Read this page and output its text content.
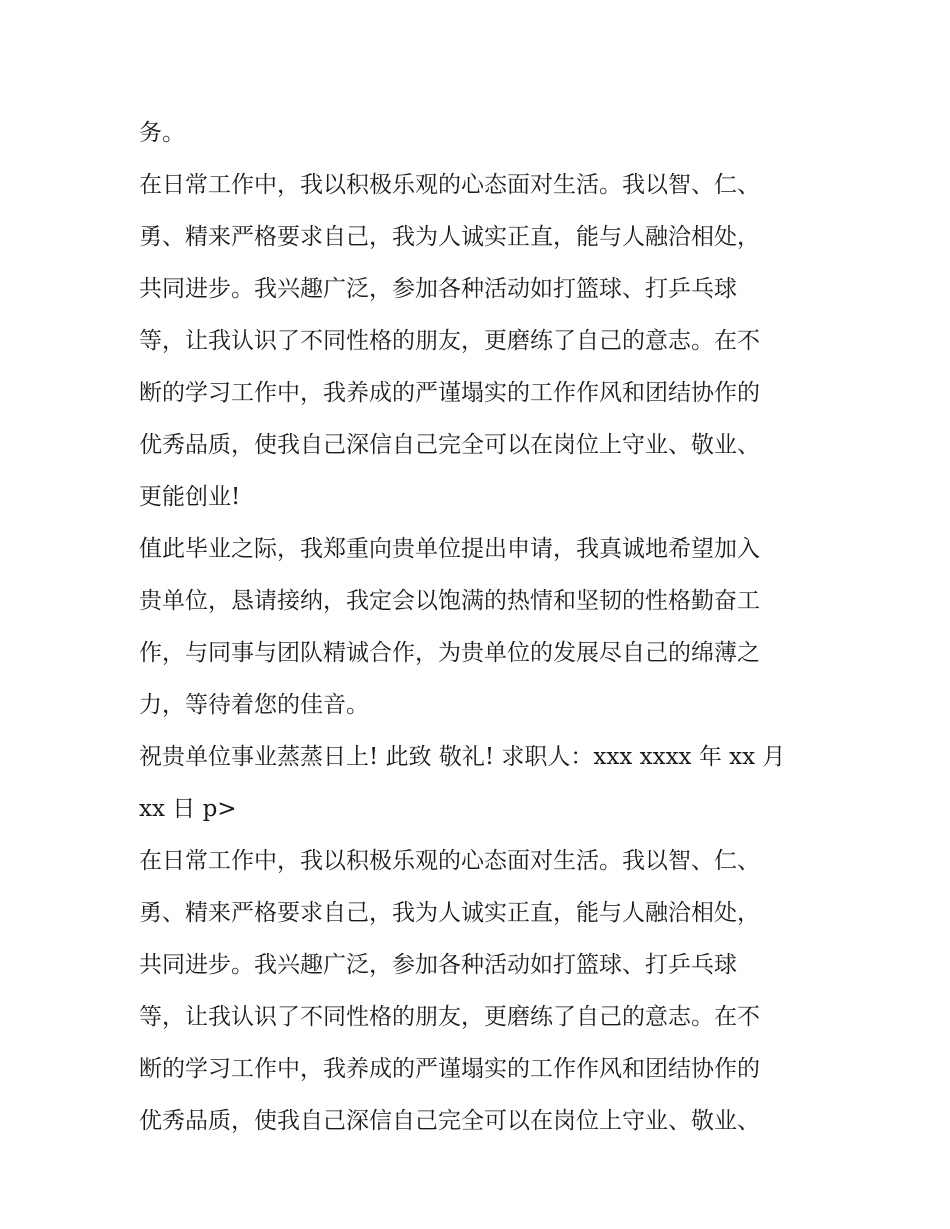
务。
在日常工作中，我以积极乐观的心态面对生活。我以智、仁、
勇、精来严格要求自己，我为人诚实正直，能与人融洽相处，
共同进步。我兴趣广泛，参加各种活动如打篮球、打乒乓球
等，让我认识了不同性格的朋友，更磨练了自己的意志。在不
断的学习工作中，我养成的严谨塌实的工作作风和团结协作的
优秀品质，使我自己深信自己完全可以在岗位上守业、敬业、
更能创业!
值此毕业之际，我郑重向贵单位提出申请，我真诚地希望加入
贵单位，恳请接纳，我定会以饱满的热情和坚韧的性格勤奋工
作，与同事与团队精诚合作，为贵单位的发展尽自己的绵薄之
力，等待着您的佳音。
祝贵单位事业蒸蒸日上! 此致 敬礼! 求职人：xxx xxxx 年 xx 月
xx 日 p>
在日常工作中，我以积极乐观的心态面对生活。我以智、仁、
勇、精来严格要求自己，我为人诚实正直，能与人融洽相处，
共同进步。我兴趣广泛，参加各种活动如打篮球、打乒乓球
等，让我认识了不同性格的朋友，更磨练了自己的意志。在不
断的学习工作中，我养成的严谨塌实的工作作风和团结协作的
优秀品质，使我自己深信自己完全可以在岗位上守业、敬业、
